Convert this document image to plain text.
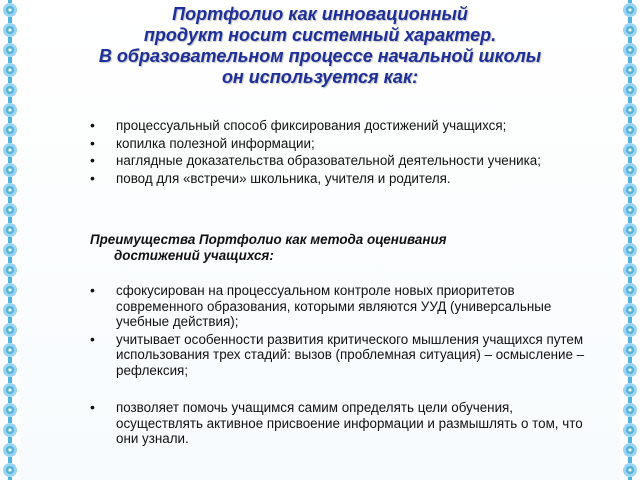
Портфолио как инновационный
продукт носит системный характер.
В образовательном процессе начальной школы
он используется как:
• процессуальный способ фиксирования достижений учащихся;
• копилка полезной информации;
• наглядные доказательства образовательной деятельности ученика;
• повод для «встречи» школьника, учителя и родителя.
Преимущества Портфолио как метода оценивания
достижений учащихся:
• сфокусирован на процессуальном контроле новых приоритетов современного образования, которыми являются УУД (универсальные учебные действия);
• учитывает особенности развития критического мышления учащихся путем использования трех стадий: вызов (проблемная ситуация) – осмысление – рефлексия;
• позволяет помочь учащимся самим определять цели обучения, осуществлять активное присвоение информации и размышлять о том, что они узнали.
